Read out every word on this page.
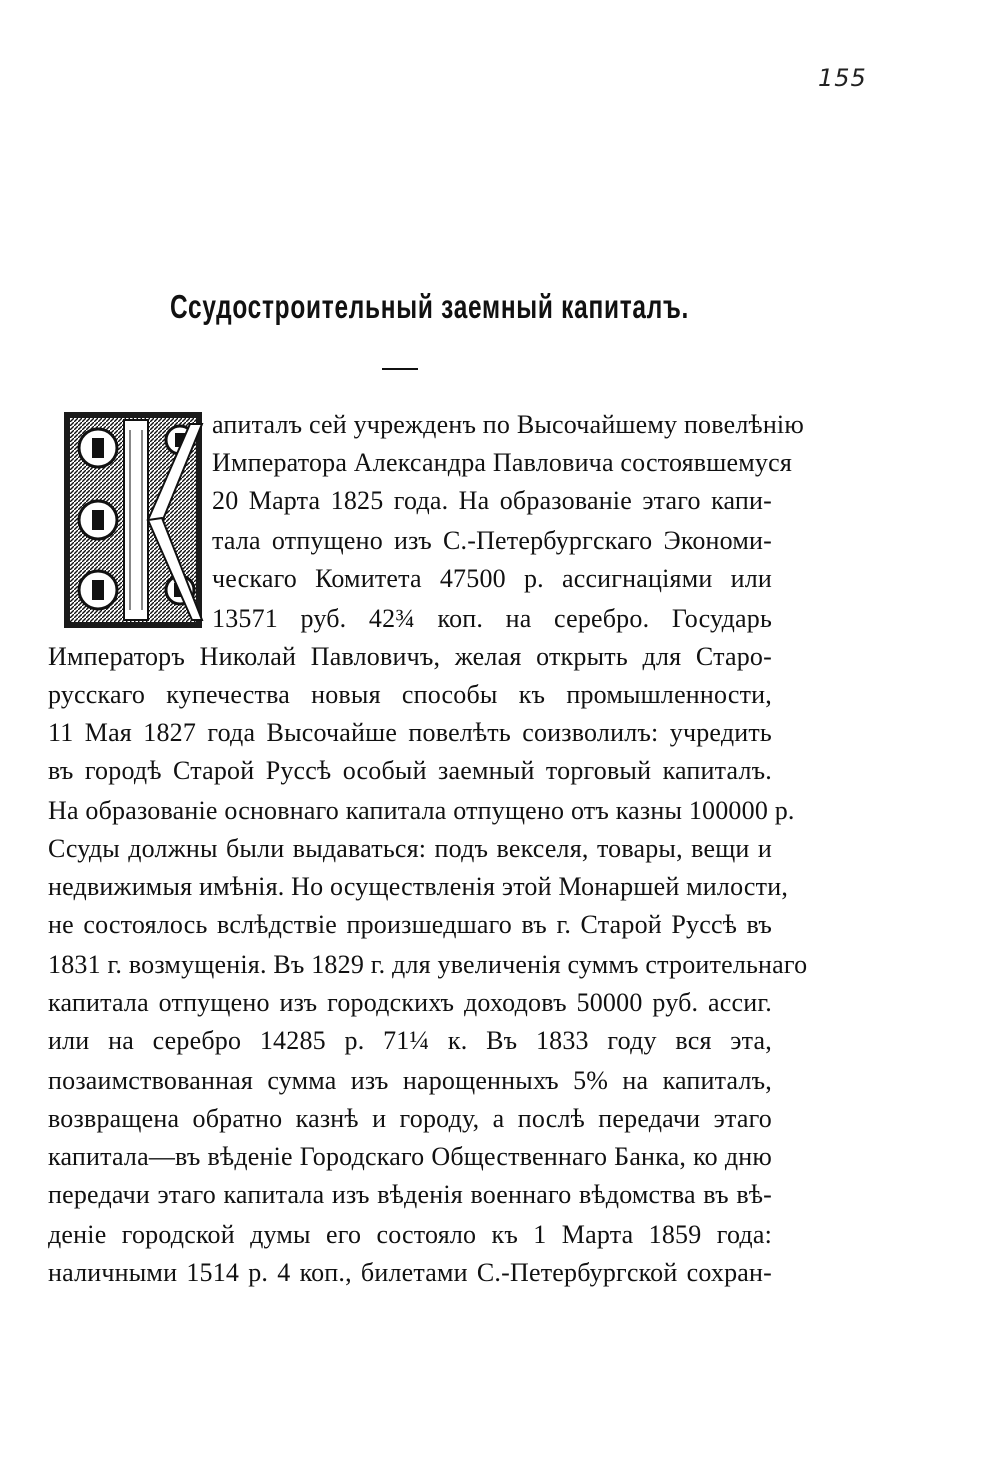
155
Ссудостроительный заемный капиталъ.
апиталъ сей учрежденъ по Высочайшему повелѣнію
Императора Александра Павловича состоявшемуся
20 Марта 1825 года. На образованіе этаго капи-
тала отпущено изъ С.-Петербургскаго Экономи-
ческаго Комитета 47500 р. ассигнаціями или
13571 руб. 42¾ коп. на серебро. Государь
Императоръ Николай Павловичъ, желая открыть для Старо-
русскаго купечества новыя способы къ промышленности,
11 Мая 1827 года Высочайше повелѣть соизволилъ: учредить
въ городѣ Старой Руссѣ особый заемный торговый капиталъ.
На образованіе основнаго капитала отпущено отъ казны 100000 р.
Ссуды должны были выдаваться: подъ векселя, товары, вещи и
недвижимыя имѣнія. Но осуществленія этой Монаршей милости,
не состоялось вслѣдствіе произшедшаго въ г. Старой Руссѣ въ
1831 г. возмущенія. Въ 1829 г. для увеличенія суммъ строительнаго
капитала отпущено изъ городскихъ доходовъ 50000 руб. ассиг.
или на серебро 14285 р. 71¼ к. Въ 1833 году вся эта,
позаимствованная сумма изъ нарощенныхъ 5% на капиталъ,
возвращена обратно казнѣ и городу, а послѣ передачи этаго
капитала—въ вѣденіе Городскаго Общественнаго Банка, ко дню
передачи этаго капитала изъ вѣденія военнаго вѣдомства въ вѣ-
деніе городской думы его состояло къ 1 Марта 1859 года:
наличными 1514 р. 4 коп., билетами С.-Петербургской сохран-
